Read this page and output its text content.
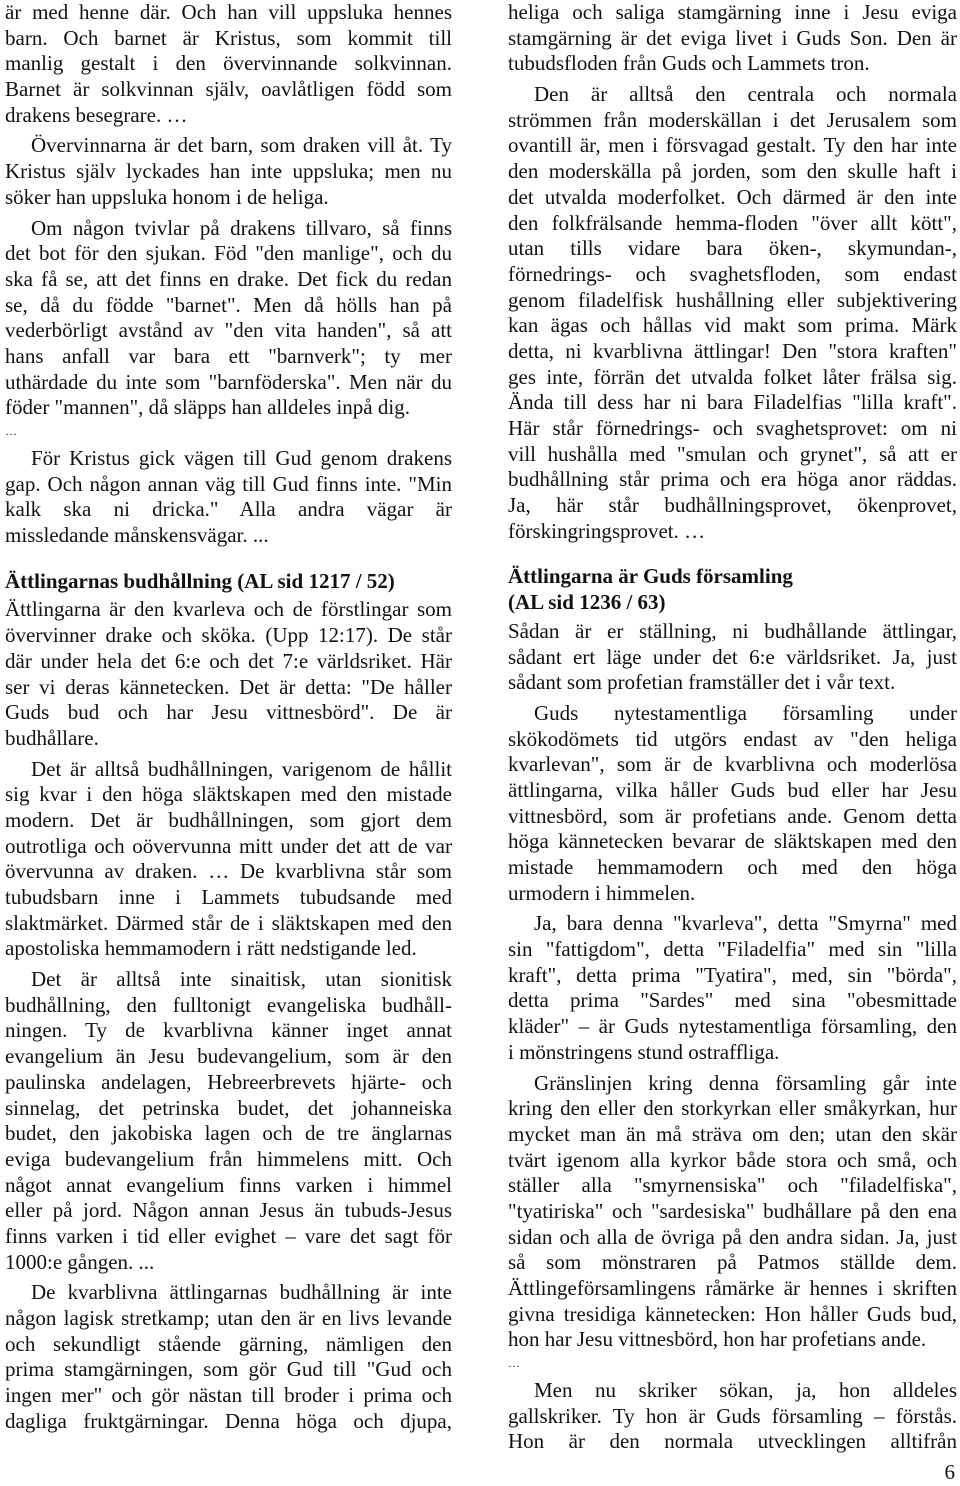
är med henne där. Och han vill uppsluka hennes
barn. Och barnet är Kristus, som kommit till
manlig gestalt i den övervinnande solkvinnan.
Barnet är solkvinnan själv, oavlåtligen född som
drakens besegrare. …
Övervinnarna är det barn, som draken vill åt. Ty
Kristus själv lyckades han inte uppsluka; men nu
söker han uppsluka honom i de heliga.
Om någon tvivlar på drakens tillvaro, så finns
det bot för den sjukan. Föd "den manlige", och du
ska få se, att det finns en drake. Det fick du redan
se, då du födde "barnet". Men då hölls han på
vederbörligt avstånd av "den vita handen", så att
hans anfall var bara ett "barnverk"; ty mer
uthärdade du inte som "barnföderska". Men när du
föder "mannen", då släpps han alldeles inpå dig.
…
För Kristus gick vägen till Gud genom drakens
gap. Och någon annan väg till Gud finns inte. "Min
kalk ska ni dricka." Alla andra vägar är
missledande månskensvägar. ...
Ättlingarnas budhållning (AL sid 1217 / 52)
Ättlingarna är den kvarleva och de förstlingar som
övervinner drake och sköka. (Upp 12:17). De står
där under hela det 6:e och det 7:e världsriket. Här
ser vi deras kännetecken. Det är detta: "De håller
Guds bud och har Jesu vittnesbörd". De är
budhållare.
Det är alltså budhållningen, varigenom de hållit
sig kvar i den höga släktskapen med den mistade
modern. Det är budhållningen, som gjort dem
outrotliga och oövervunna mitt under det att de var
övervunna av draken. … De kvarblivna står som
tubudsbarn inne i Lammets tubudsande med
slaktmärket. Därmed står de i släktskapen med den
apostoliska hemmamodern i rätt nedstigande led.
Det är alltså inte sinaitisk, utan sionitisk
budhållning, den fulltonigt evangeliska budhåll-
ningen. Ty de kvarblivna känner inget annat
evangelium än Jesu budevangelium, som är den
paulinska andelagen, Hebreerbrevets hjärte- och
sinnelag, det petrinska budet, det johanneiska
budet, den jakobiska lagen och de tre änglarnas
eviga budevangelium från himmelens mitt. Och
något annat evangelium finns varken i himmel
eller på jord. Någon annan Jesus än tubuds-Jesus
finns varken i tid eller evighet – vare det sagt för
1000:e gången. ...
De kvarblivna ättlingarnas budhållning är inte
någon lagisk stretkamp; utan den är en livs levande
och sekundligt stående gärning, nämligen den
prima stamgärningen, som gör Gud till "Gud och
ingen mer" och gör nästan till broder i prima och
dagliga fruktgärningar. Denna höga och djupa,
heliga och saliga stamgärning inne i Jesu eviga
stamgärning är det eviga livet i Guds Son. Den är
tubudsfloden från Guds och Lammets tron.
Den är alltså den centrala och normala
strömmen från moderskällan i det Jerusalem som
ovantill är, men i försvagad gestalt. Ty den har inte
den moderskälla på jorden, som den skulle haft i
det utvalda moderfolket. Och därmed är den inte
den folkfrälsande hemma-floden "över allt kött",
utan tills vidare bara öken-, skymundan-,
förnedrings- och svaghetsfloden, som endast
genom filadelfisk hushållning eller subjektivering
kan ägas och hållas vid makt som prima. Märk
detta, ni kvarblivna ättlingar! Den "stora kraften"
ges inte, förrän det utvalda folket låter frälsa sig.
Ända till dess har ni bara Filadelfias "lilla kraft".
Här står förnedrings- och svaghetsprovet: om ni
vill hushålla med "smulan och grynet", så att er
budhållning står prima och era höga anor räddas.
Ja, här står budhållningsprovet, ökenprovet,
förskingringsprovet. …
Ättlingarna är Guds församling
(AL sid 1236 / 63)
Sådan är er ställning, ni budhållande ättlingar,
sådant ert läge under det 6:e världsriket. Ja, just
sådant som profetian framställer det i vår text.
Guds nytestamentliga församling under
skökodömets tid utgörs endast av "den heliga
kvarlevan", som är de kvarblivna och moderlösa
ättlingarna, vilka håller Guds bud eller har Jesu
vittnesbörd, som är profetians ande. Genom detta
höga kännetecken bevarar de släktskapen med den
mistade hemmamodern och med den höga
urmodern i himmelen.
Ja, bara denna "kvarleva", detta "Smyrna" med
sin "fattigdom", detta "Filadelfia" med sin "lilla
kraft", detta prima "Tyatira", med, sin "börda",
detta prima "Sardes" med sina "obesmittade
kläder" – är Guds nytestamentliga församling, den
i mönstringens stund ostraffliga.
Gränslinjen kring denna församling går inte
kring den eller den storkyrkan eller småkyrkan, hur
mycket man än må sträva om den; utan den skär
tvärt igenom alla kyrkor både stora och små, och
ställer alla "smyrnensiska" och "filadelfiska",
"tyatiriska" och "sardesiska" budhållare på den ena
sidan och alla de övriga på den andra sidan. Ja, just
så som mönstraren på Patmos ställde dem.
Ättlingeförsamlingens råmärke är hennes i skriften
givna tresidiga kännetecken: Hon håller Guds bud,
hon har Jesu vittnesbörd, hon har profetians ande.
…
Men nu skriker sökan, ja, hon alldeles
gallskriker. Ty hon är Guds församling – förstås.
Hon är den normala utvecklingen alltifrån
6
